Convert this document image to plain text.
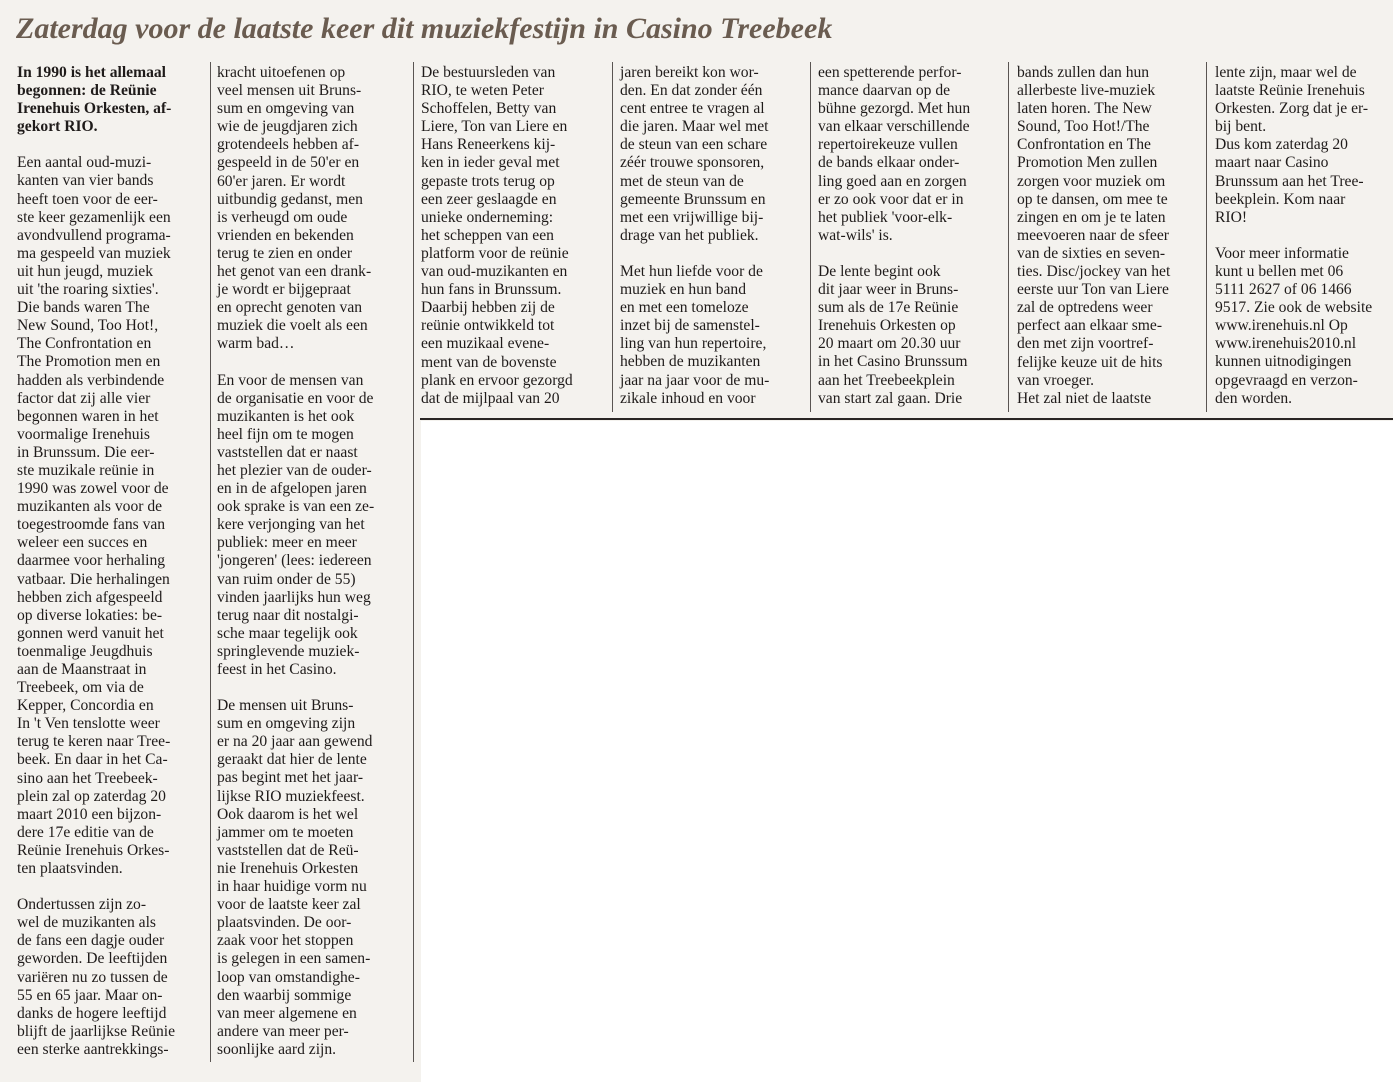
Zaterdag voor de laatste keer dit muziekfestijn in Casino Treebeek

In 1990 is het allemaal
begonnen: de Reünie
Irenehuis Orkesten, af-
gekort RIO.

Een aantal oud-muzi-
kanten van vier bands
heeft toen voor de eer-
ste keer gezamenlijk een
avondvullend programa-
ma gespeeld van muziek
uit hun jeugd, muziek
uit 'the roaring sixties'.
Die bands waren The
New Sound, Too Hot!,
The Confrontation en
The Promotion men en
hadden als verbindende
factor dat zij alle vier
begonnen waren in het
voormalige Irenehuis
in Brunssum. Die eer-
ste muzikale reünie in
1990 was zowel voor de
muzikanten als voor de
toegestroomde fans van
weleer een succes en
daarmee voor herhaling
vatbaar. Die herhalingen
hebben zich afgespeeld
op diverse lokaties: be-
gonnen werd vanuit het
toenmalige Jeugdhuis
aan de Maanstraat in
Treebeek, om via de
Kepper, Concordia en
In 't Ven tenslotte weer
terug te keren naar Tree-
beek. En daar in het Ca-
sino aan het Treebeek-
plein zal op zaterdag 20
maart 2010 een bijzon-
dere 17e editie van de
Reünie Irenehuis Orkes-
ten plaatsvinden.

Ondertussen zijn zo-
wel de muzikanten als
de fans een dagje ouder
geworden. De leeftijden
variëren nu zo tussen de
55 en 65 jaar. Maar on-
danks de hogere leeftijd
blijft de jaarlijkse Reünie
een sterke aantrekkings-

kracht uitoefenen op
veel mensen uit Bruns-
sum en omgeving van
wie de jeugdjaren zich
grotendeels hebben af-
gespeeld in de 50'er en
60'er jaren. Er wordt
uitbundig gedanst, men
is verheugd om oude
vrienden en bekenden
terug te zien en onder
het genot van een drank-
je wordt er bijgepraat
en oprecht genoten van
muziek die voelt als een
warm bad…

En voor de mensen van
de organisatie en voor de
muzikanten is het ook
heel fijn om te mogen
vaststellen dat er naast
het plezier van de ouder-
en in de afgelopen jaren
ook sprake is van een ze-
kere verjonging van het
publiek: meer en meer
'jongeren' (lees: iedereen
van ruim onder de 55)
vinden jaarlijks hun weg
terug naar dit nostalgi-
sche maar tegelijk ook
springlevende muziek-
feest in het Casino.

De mensen uit Bruns-
sum en omgeving zijn
er na 20 jaar aan gewend
geraakt dat hier de lente
pas begint met het jaar-
lijkse RIO muziekfeest.
Ook daarom is het wel
jammer om te moeten
vaststellen dat de Reü-
nie Irenehuis Orkesten
in haar huidige vorm nu
voor de laatste keer zal
plaatsvinden. De oor-
zaak voor het stoppen
is gelegen in een samen-
loop van omstandighe-
den waarbij sommige
van meer algemene en
andere van meer per-
soonlijke aard zijn.

De bestuursleden van
RIO, te weten Peter
Schoffelen, Betty van
Liere, Ton van Liere en
Hans Reneerkens kij-
ken in ieder geval met
gepaste trots terug op
een zeer geslaagde en
unieke onderneming:
het scheppen van een
platform voor de reünie
van oud-muzikanten en
hun fans in Brunssum.
Daarbij hebben zij de
reünie ontwikkeld tot
een muzikaal evene-
ment van de bovenste
plank en ervoor gezorgd
dat de mijlpaal van 20

jaren bereikt kon wor-
den. En dat zonder één
cent entree te vragen al
die jaren. Maar wel met
de steun van een schare
zéér trouwe sponsoren,
met de steun van de
gemeente Brunssum en
met een vrijwillige bij-
drage van het publiek.

Met hun liefde voor de
muziek en hun band
en met een tomeloze
inzet bij de samenstel-
ling van hun repertoire,
hebben de muzikanten
jaar na jaar voor de mu-
zikale inhoud en voor

een spetterende perfor-
mance daarvan op de
bühne gezorgd. Met hun
van elkaar verschillende
repertoirekeuze vullen
de bands elkaar onder-
ling goed aan en zorgen
er zo ook voor dat er in
het publiek 'voor-elk-
wat-wils' is.

De lente begint ook
dit jaar weer in Bruns-
sum als de 17e Reünie
Irenehuis Orkesten op
20 maart om 20.30 uur
in het Casino Brunssum
aan het Treebeekplein
van start zal gaan. Drie

bands zullen dan hun
allerbeste live-muziek
laten horen. The New
Sound, Too Hot!/The
Confrontation en The
Promotion Men zullen
zorgen voor muziek om
op te dansen, om mee te
zingen en om je te laten
meevoeren naar de sfeer
van de sixties en seven-
ties. Disc/jockey van het
eerste uur Ton van Liere
zal de optredens weer
perfect aan elkaar sme-
den met zijn voortref-
felijke keuze uit de hits
van vroeger.
Het zal niet de laatste

lente zijn, maar wel de
laatste Reünie Irenehuis
Orkesten. Zorg dat je er-
bij bent.
Dus kom zaterdag 20
maart naar Casino
Brunssum aan het Tree-
beekplein. Kom naar
RIO!

Voor meer informatie
kunt u bellen met 06
5111 2627 of 06 1466
9517. Zie ook de website
www.irenehuis.nl Op
www.irenehuis2010.nl
kunnen uitnodigingen
opgevraagd en verzon-
den worden.
